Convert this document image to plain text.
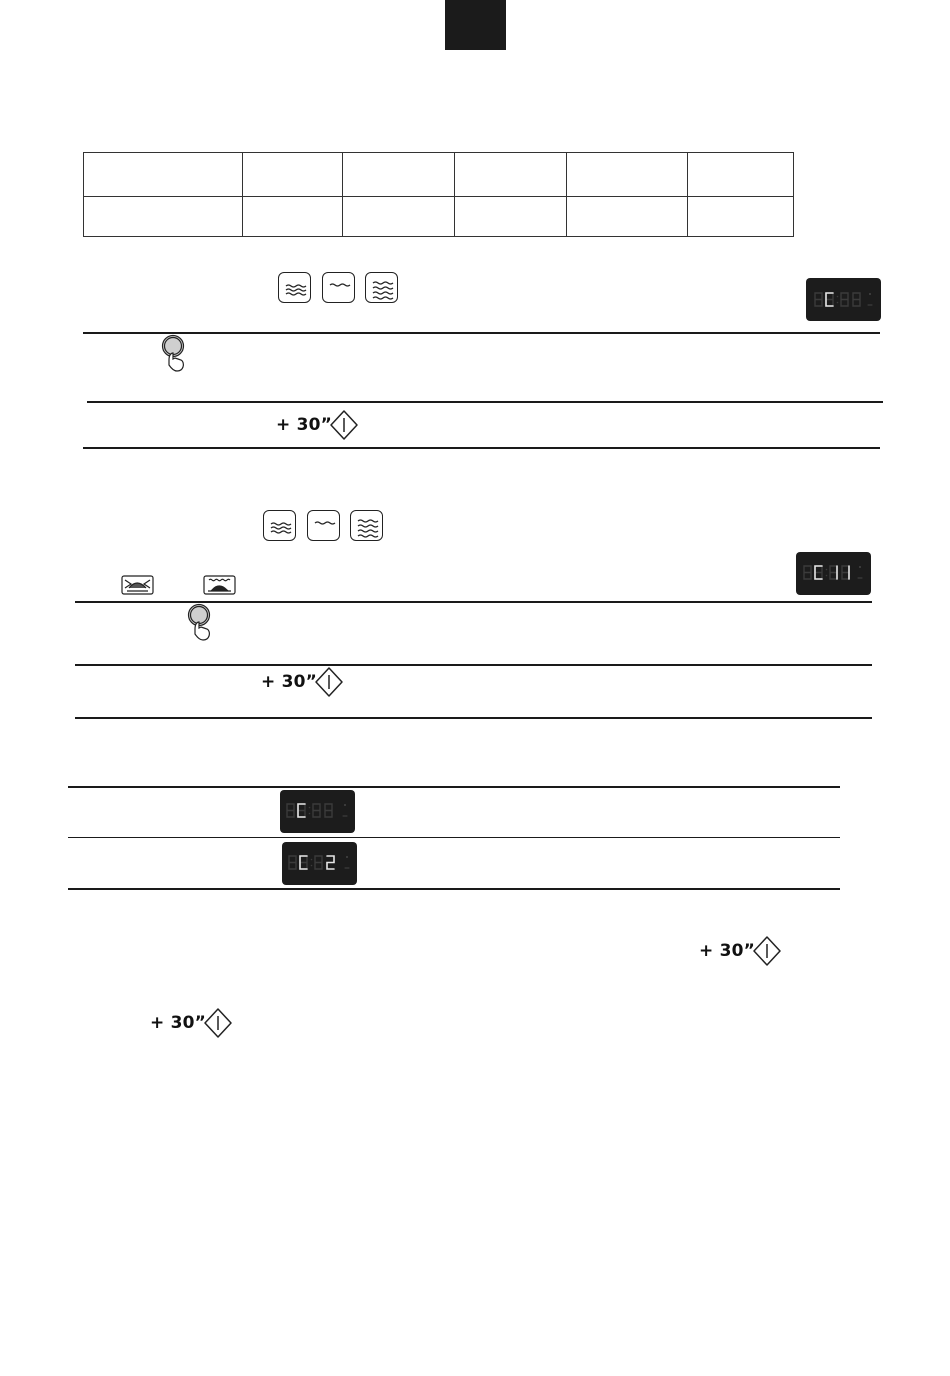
+ 30”
+ 30”
+ 30”
+ 30”
